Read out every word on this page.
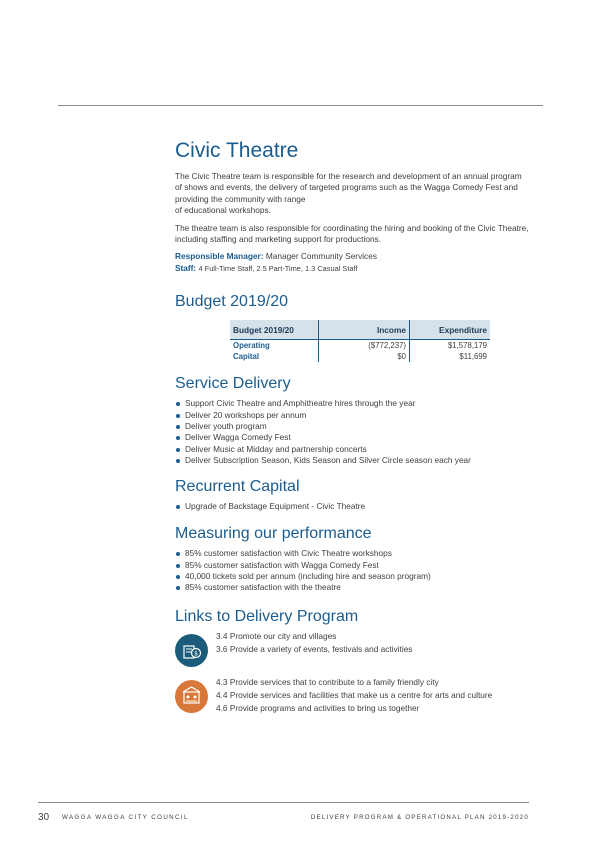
Civic Theatre

The Civic Theatre team is responsible for the research and development of an annual program
of shows and events, the delivery of targeted programs such as the Wagga Comedy Fest and
providing the community with range
of educational workshops.

The theatre team is also responsible for coordinating the hiring and booking of the Civic Theatre,
including staffing and marketing support for productions.

Responsible Manager: Manager Community Services

Staff: 4 Full-Time Staff, 2.5 Part-Time, 1.3 Casual Staff

Budget 2019/20
Budget 2019/20	Income	Expenditure
Operating	($772,237)	$1,578,179
Capital	$0	$11,699
Service Delivery
Support Civic Theatre and Amphitheatre hires through the year
Deliver 20 workshops per annum
Deliver youth program
Deliver Wagga Comedy Fest
Deliver Music at Midday and partnership concerts
Deliver Subscription Season, Kids Season and Silver Circle season each year
Recurrent Capital
Upgrade of Backstage Equipment - Civic Theatre
Measuring our performance
85% customer satisfaction with Civic Theatre workshops
85% customer satisfaction with Wagga Comedy Fest
40,000 tickets sold per annum (including hire and season program)
85% customer satisfaction with the theatre
Links to Delivery Program
$
3.4 Promote our city and villages
3.6 Provide a variety of events, festivals and activities
4.3 Provide services that to contribute to a family friendly city
4.4 Provide services and facilities that make us a centre for arts and culture
4.6 Provide programs and activities to bring us together
30 WAGGA WAGGA CITY COUNCIL	DELIVERY PROGRAM & OPERATIONAL PLAN 2019-2020
